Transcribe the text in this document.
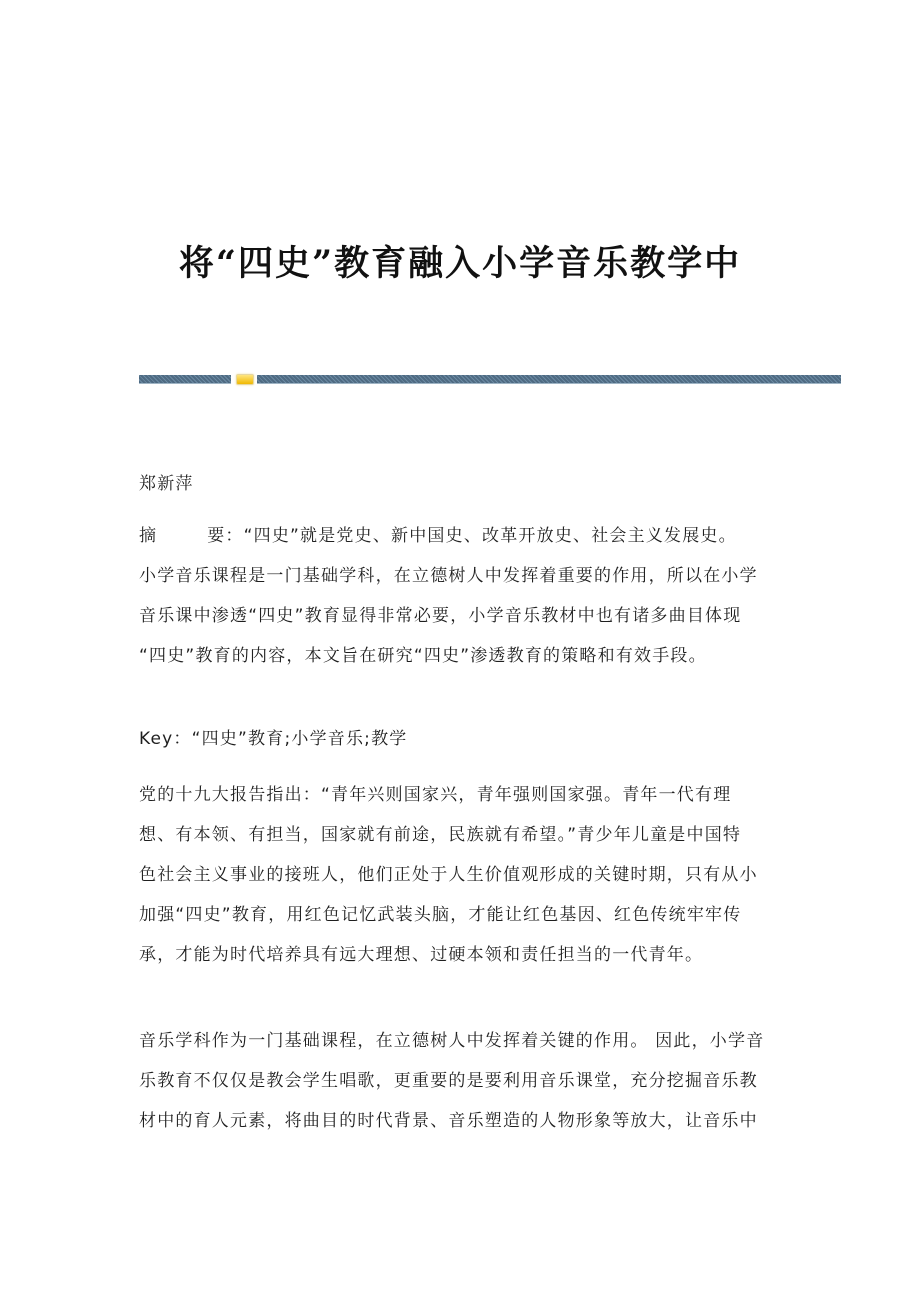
将“四史”教育融入小学音乐教学中
郑新萍
摘	要：“四史”就是党史、新中国史、改革开放史、社会主义发展史。
小学音乐课程是一门基础学科，在立德树人中发挥着重要的作用，所以在小学
音乐课中渗透“四史”教育显得非常必要，小学音乐教材中也有诸多曲目体现
“四史”教育的内容，本文旨在研究“四史”渗透教育的策略和有效手段。
Key：“四史”教育;小学音乐;教学
党的十九大报告指出：“青年兴则国家兴，青年强则国家强。青年一代有理
想、有本领、有担当，国家就有前途，民族就有希望。”青少年儿童是中国特
色社会主义事业的接班人，他们正处于人生价值观形成的关键时期，只有从小
加强“四史”教育，用红色记忆武装头脑，才能让红色基因、红色传统牢牢传
承，才能为时代培养具有远大理想、过硬本领和责任担当的一代青年。
音乐学科作为一门基础课程，在立德树人中发挥着关键的作用。 因此，小学音
乐教育不仅仅是教会学生唱歌，更重要的是要利用音乐课堂，充分挖掘音乐教
材中的育人元素，将曲目的时代背景、音乐塑造的人物形象等放大，让音乐中
